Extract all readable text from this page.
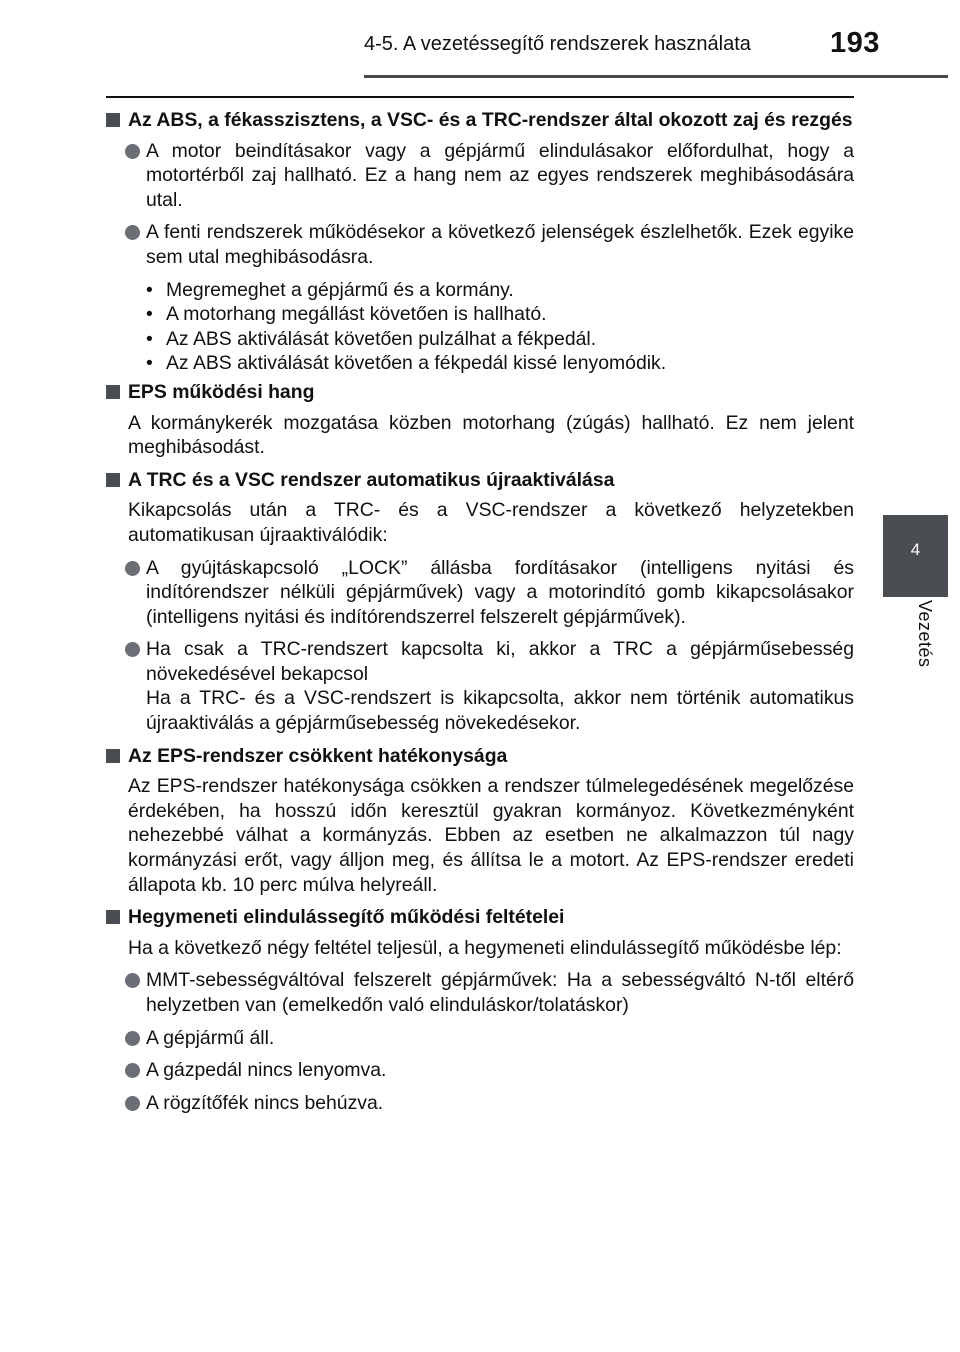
4-5. A vezetéssegítő rendszerek használata	193
4
Vezetés
Az ABS, a fékasszisztens, a VSC- és a TRC-rendszer által okozott zaj és rezgés
A motor beindításakor vagy a gépjármű elindulásakor előfordulhat, hogy a motortérből zaj hallható. Ez a hang nem az egyes rendszerek meghibásodására utal.
A fenti rendszerek működésekor a következő jelenségek észlelhetők. Ezek egyike sem utal meghibásodásra.
• Megremeghet a gépjármű és a kormány.
• A motorhang megállást követően is hallható.
• Az ABS aktiválását követően pulzálhat a fékpedál.
• Az ABS aktiválását követően a fékpedál kissé lenyomódik.
EPS működési hang
A kormánykerék mozgatása közben motorhang (zúgás) hallható. Ez nem jelent meghibásodást.
A TRC és a VSC rendszer automatikus újraaktiválása
Kikapcsolás után a TRC- és a VSC-rendszer a következő helyzetekben automatikusan újraaktiválódik:
A gyújtáskapcsoló „LOCK” állásba fordításakor (intelligens nyitási és indítórendszer nélküli gépjárművek) vagy a motorindító gomb kikapcsolásakor (intelligens nyitási és indítórendszerrel felszerelt gépjárművek).
Ha csak a TRC-rendszert kapcsolta ki, akkor a TRC a gépjárműsebesség növekedésével bekapcsol
Ha a TRC- és a VSC-rendszert is kikapcsolta, akkor nem történik automatikus újraaktiválás a gépjárműsebesség növekedésekor.
Az EPS-rendszer csökkent hatékonysága
Az EPS-rendszer hatékonysága csökken a rendszer túlmelegedésének megelőzése érdekében, ha hosszú időn keresztül gyakran kormányoz. Következményként nehezebbé válhat a kormányzás. Ebben az esetben ne alkalmazzon túl nagy kormányzási erőt, vagy álljon meg, és állítsa le a motort. Az EPS-rendszer eredeti állapota kb. 10 perc múlva helyreáll.
Hegymeneti elindulássegítő működési feltételei
Ha a következő négy feltétel teljesül, a hegymeneti elindulássegítő működésbe lép:
MMT-sebességváltóval felszerelt gépjárművek: Ha a sebességváltó N-től eltérő helyzetben van (emelkedőn való elinduláskor/tolatáskor)
A gépjármű áll.
A gázpedál nincs lenyomva.
A rögzítőfék nincs behúzva.
